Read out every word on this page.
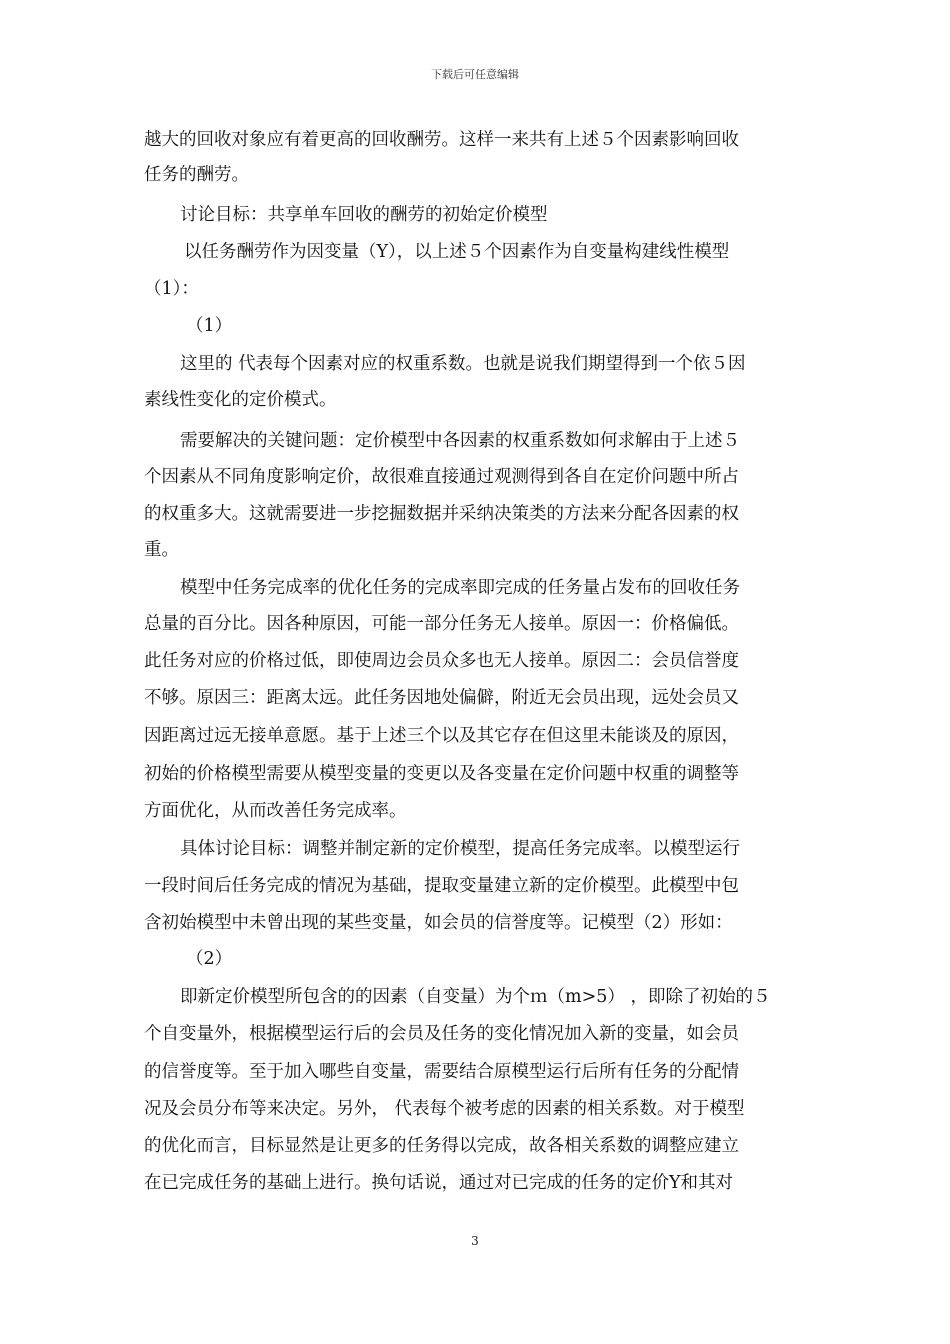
下载后可任意编辑
越大的回收对象应有着更高的回收酬劳。这样一来共有上述５个因素影响回收
任务的酬劳。
讨论目标：共享单车回收的酬劳的初始定价模型
以任务酬劳作为因变量（Y），以上述５个因素作为自变量构建线性模型
（1）：
（1）
这里的 代表每个因素对应的权重系数。也就是说我们期望得到一个依５因
素线性变化的定价模式。
需要解决的关键问题：定价模型中各因素的权重系数如何求解由于上述５
个因素从不同角度影响定价，故很难直接通过观测得到各自在定价问题中所占
的权重多大。这就需要进一步挖掘数据并采纳决策类的方法来分配各因素的权
重。
模型中任务完成率的优化任务的完成率即完成的任务量占发布的回收任务
总量的百分比。因各种原因，可能一部分任务无人接单。原因一：价格偏低。
此任务对应的价格过低，即使周边会员众多也无人接单。原因二：会员信誉度
不够。原因三：距离太远。此任务因地处偏僻，附近无会员出现，远处会员又
因距离过远无接单意愿。基于上述三个以及其它存在但这里未能谈及的原因，
初始的价格模型需要从模型变量的变更以及各变量在定价问题中权重的调整等
方面优化，从而改善任务完成率。
具体讨论目标：调整并制定新的定价模型，提高任务完成率。以模型运行
一段时间后任务完成的情况为基础，提取变量建立新的定价模型。此模型中包
含初始模型中未曾出现的某些变量，如会员的信誉度等。记模型（2）形如：
（2）
即新定价模型所包含的的因素（自变量）为个ｍ（m>5） ，即除了初始的５
个自变量外，根据模型运行后的会员及任务的变化情况加入新的变量，如会员
的信誉度等。至于加入哪些自变量，需要结合原模型运行后所有任务的分配情
况及会员分布等来决定。另外， 代表每个被考虑的因素的相关系数。对于模型
的优化而言，目标显然是让更多的任务得以完成，故各相关系数的调整应建立
在已完成任务的基础上进行。换句话说，通过对已完成的任务的定价Y和其对
3
